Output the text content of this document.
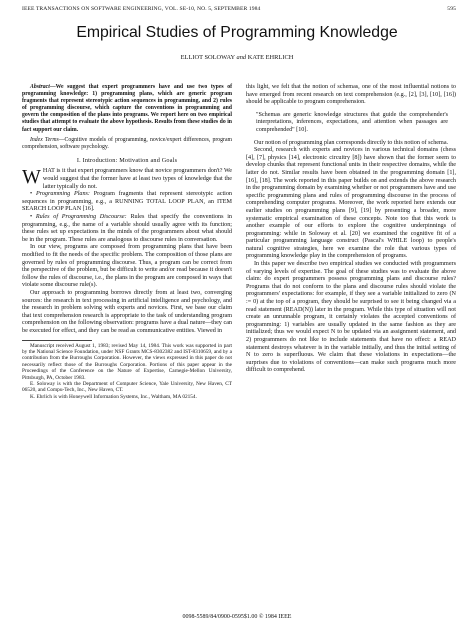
IEEE TRANSACTIONS ON SOFTWARE ENGINEERING, VOL. SE-10, NO. 5, SEPTEMBER 1984	595
Empirical Studies of Programming Knowledge
ELLIOT SOLOWAY and KATE EHRLICH

Abstract—We suggest that expert programmers have and use two types of programming knowledge: 1) programming plans, which are generic program fragments that represent stereotypic action sequences in programming, and 2) rules of programming discourse, which capture the conventions in programming and govern the composition of the plans into programs. We report here on two empirical studies that attempt to evaluate the above hypothesis. Results from these studies do in fact support our claim.

Index Terms—Cognitive models of programming, novice/expert differences, program comprehension, software psychology.

I. Introduction: Motivation and Goals

WHAT is it that expert programmers know that novice programmers don't? We would suggest that the former have at least two types of knowledge that the latter typically do not.

• Programming Plans: Program fragments that represent stereotypic action sequences in programming, e.g., a RUNNING TOTAL LOOP PLAN, an ITEM SEARCH LOOP PLAN [16].

• Rules of Programming Discourse: Rules that specify the conventions in programming, e.g., the name of a variable should usually agree with its function; these rules set up expectations in the minds of the programmers about what should be in the program. These rules are analogous to discourse rules in conversation.

In our view, programs are composed from programming plans that have been modified to fit the needs of the specific problem. The composition of those plans are governed by rules of programming discourse. Thus, a program can be correct from the perspective of the problem, but be difficult to write and/or read because it doesn't follow the rules of discourse, i.e., the plans in the program are composed in ways that violate some discourse rule(s).

Our approach to programming borrows directly from at least two, converging sources: the research in text processing in artificial intelligence and psychology, and the research in problem solving with experts and novices. First, we base our claim that text comprehension research is appropriate to the task of understanding program comprehension on the following observation: programs have a dual nature—they can be executed for effect, and they can be read as communicative entities. Viewed in

Manuscript received August 1, 1983; revised May 14, 1984. This work was supported in part by the National Science Foundation, under NSF Grants MCS-8302382 and IST-8310659, and by a contribution from the Burroughs Corporation. However, the views expressed in this paper do not necessarily reflect those of the Burroughs Corporation. Portions of this paper appear in the Proceedings of the Conference on the Nature of Expertise, Carnegie-Mellon University, Pittsburgh, PA, October 1983.

E. Soloway is with the Department of Computer Science, Yale University, New Haven, CT 06520, and Compu-Tech, Inc., New Haven, CT.

K. Ehrlich is with Honeywell Information Systems, Inc., Waltham, MA 02154.

this light, we felt that the notion of schemas, one of the most influential notions to have emerged from recent research on text comprehension (e.g., [2], [3], [10], [16]) should be applicable to program comprehension.

"Schemas are generic knowledge structures that guide the comprehender's interpretations, inferences, expectations, and attention when passages are comprehended" [10].

Our notion of programming plan corresponds directly to this notion of schema.

Second, research with experts and novices in various technical domains (chess [4], [7], physics [14], electronic circuitry [8]) have shown that the former seem to develop chunks that represent functional units in their respective domains, while the latter do not. Similar results have been obtained in the programming domain [1], [16], [18]. The work reported in this paper builds on and extends the above research in the programming domain by examining whether or not programmers have and use specific programming plans and rules of programming discourse in the process of comprehending computer programs. Moreover, the work reported here extends our earlier studies on programming plans [9], [19] by presenting a broader, more systematic empirical examination of these concepts. Note too that this work is another example of our efforts to explore the cognitive underpinnings of programming: while in Soloway et al. [20] we examined the cognitive fit of a particular programming language construct (Pascal's WHILE loop) to people's natural cognitive strategies, here we examine the role that various types of programming knowledge play in the comprehension of programs.

In this paper we describe two empirical studies we conducted with programmers of varying levels of expertise. The goal of these studies was to evaluate the above claim: do expert programmers possess programming plans and discourse rules? Programs that do not conform to the plans and discourse rules should violate the programmers' expectations: for example, if they see a variable initialized to zero (N := 0) at the top of a program, they should be surprised to see it being changed via a read statement (READ(N)) later in the program. While this type of situation will not create an unrunnable program, it certainly violates the accepted conventions of programming: 1) variables are usually updated in the same fashion as they are initialized; thus we would expect N to be updated via an assignment statement, and 2) programmers do not like to include statements that have no effect: a READ statement destroys whatever is in the variable initially, and thus the initial setting of N to zero is superfluous. We claim that these violations in expectations—the surprises due to violations of conventions—can make such programs much more difficult to comprehend.

0098-5589/84/0900-0595$1.00 © 1984 IEEE
